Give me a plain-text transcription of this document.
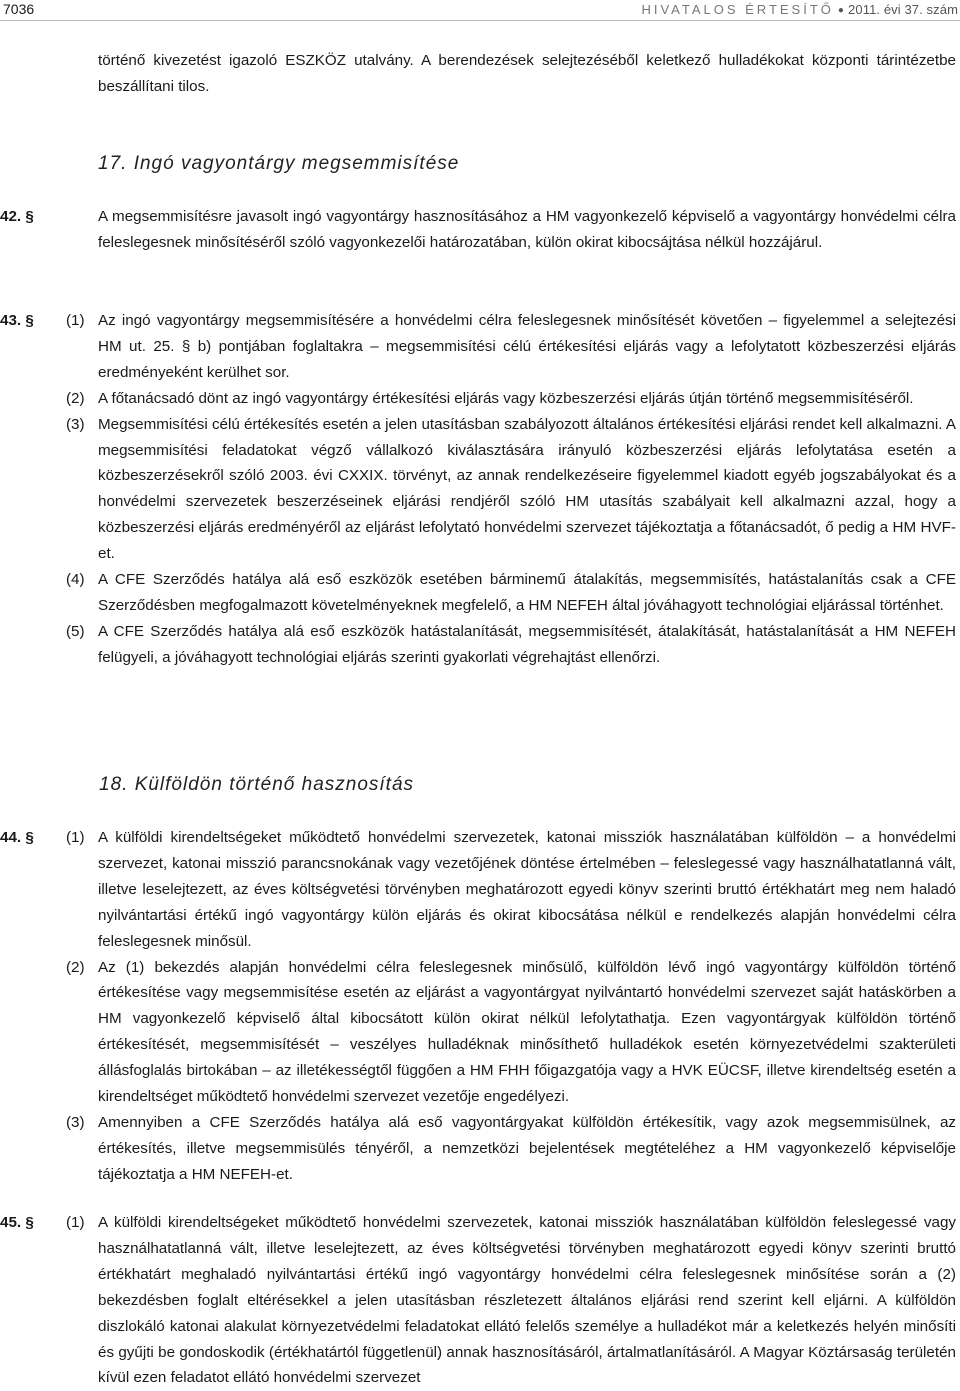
7036	HIVATALOS ÉRTESÍTŐ ● 2011. évi 37. szám
történő kivezetést igazoló ESZKÖZ utalvány. A berendezések selejtezéséből keletkező hulladékokat központi tárintézetbe beszállítani tilos.
17. Ingó vagyontárgy megsemmisítése
42. §	A megsemmisítésre javasolt ingó vagyontárgy hasznosításához a HM vagyonkezelő képviselő a vagyontárgy honvédelmi célra feleslegesnek minősítéséről szóló vagyonkezelői határozatában, külön okirat kibocsájtása nélkül hozzájárul.
43. § (1) Az ingó vagyontárgy megsemmisítésére a honvédelmi célra feleslegesnek minősítését követően – figyelemmel a selejtezési HM ut. 25. § b) pontjában foglaltakra – megsemmisítési célú értékesítési eljárás vagy a lefolytatott közbeszerzési eljárás eredményeként kerülhet sor.
(2) A főtanácsadó dönt az ingó vagyontárgy értékesítési eljárás vagy közbeszerzési eljárás útján történő megsemmisítéséről.
(3) Megsemmisítési célú értékesítés esetén a jelen utasításban szabályozott általános értékesítési eljárási rendet kell alkalmazni. A megsemmisítési feladatokat végző vállalkozó kiválasztására irányuló közbeszerzési eljárás lefolytatása esetén a közbeszerzésekről szóló 2003. évi CXXIX. törvényt, az annak rendelkezéseire figyelemmel kiadott egyéb jogszabályokat és a honvédelmi szervezetek beszerzéseinek eljárási rendjéről szóló HM utasítás szabályait kell alkalmazni azzal, hogy a közbeszerzési eljárás eredményéről az eljárást lefolytató honvédelmi szervezet tájékoztatja a főtanácsadót, ő pedig a HM HVF-et.
(4) A CFE Szerződés hatálya alá eső eszközök esetében bárminemű átalakítás, megsemmisítés, hatástalanítás csak a CFE Szerződésben megfogalmazott követelményeknek megfelelő, a HM NEFEH által jóváhagyott technológiai eljárással történhet.
(5) A CFE Szerződés hatálya alá eső eszközök hatástalanítását, megsemmisítését, átalakítását, hatástalanítását a HM NEFEH felügyeli, a jóváhagyott technológiai eljárás szerinti gyakorlati végrehajtást ellenőrzi.
18. Külföldön történő hasznosítás
44. § (1) A külföldi kirendeltségeket működtető honvédelmi szervezetek, katonai missziók használatában külföldön – a honvédelmi szervezet, katonai misszió parancsnokának vagy vezetőjének döntése értelmében – feleslegessé vagy használhatatlanná vált, illetve leselejtezett, az éves költségvetési törvényben meghatározott egyedi könyv szerinti bruttó értékhatárt meg nem haladó nyilvántartási értékű ingó vagyontárgy külön eljárás és okirat kibocsátása nélkül e rendelkezés alapján honvédelmi célra feleslegesnek minősül.
(2) Az (1) bekezdés alapján honvédelmi célra feleslegesnek minősülő, külföldön lévő ingó vagyontárgy külföldön történő értékesítése vagy megsemmisítése esetén az eljárást a vagyontárgyat nyilvántartó honvédelmi szervezet saját hatáskörben a HM vagyonkezelő képviselő által kibocsátott külön okirat nélkül lefolytathatja. Ezen vagyontárgyak külföldön történő értékesítését, megsemmisítését – veszélyes hulladéknak minősíthető hulladékok esetén környezetvédelmi szakterületi állásfoglalás birtokában – az illetékességtől függően a HM FHH főigazgatója vagy a HVK EÜCSF, illetve kirendeltség esetén a kirendeltséget működtető honvédelmi szervezet vezetője engedélyezi.
(3) Amennyiben a CFE Szerződés hatálya alá eső vagyontárgyakat külföldön értékesítik, vagy azok megsemmisülnek, az értékesítés, illetve megsemmisülés tényéről, a nemzetközi bejelentések megtételéhez a HM vagyonkezelő képviselője tájékoztatja a HM NEFEH-et.
45. § (1) A külföldi kirendeltségeket működtető honvédelmi szervezetek, katonai missziók használatában külföldön feleslegessé vagy használhatatlanná vált, illetve leselejtezett, az éves költségvetési törvényben meghatározott egyedi könyv szerinti bruttó értékhatárt meghaladó nyilvántartási értékű ingó vagyontárgy honvédelmi célra feleslegesnek minősítése során a (2) bekezdésben foglalt eltérésekkel a jelen utasításban részletezett általános eljárási rend szerint kell eljárni. A külföldön diszlokáló katonai alakulat környezetvédelmi feladatokat ellátó felelős személye a hulladékot már a keletkezés helyén minősíti és gyűjti be gondoskodik (értékhatártól függetlenül) annak hasznosításáról, ártalmatlanításáról. A Magyar Köztársaság területén kívül ezen feladatot ellátó honvédelmi szervezet
